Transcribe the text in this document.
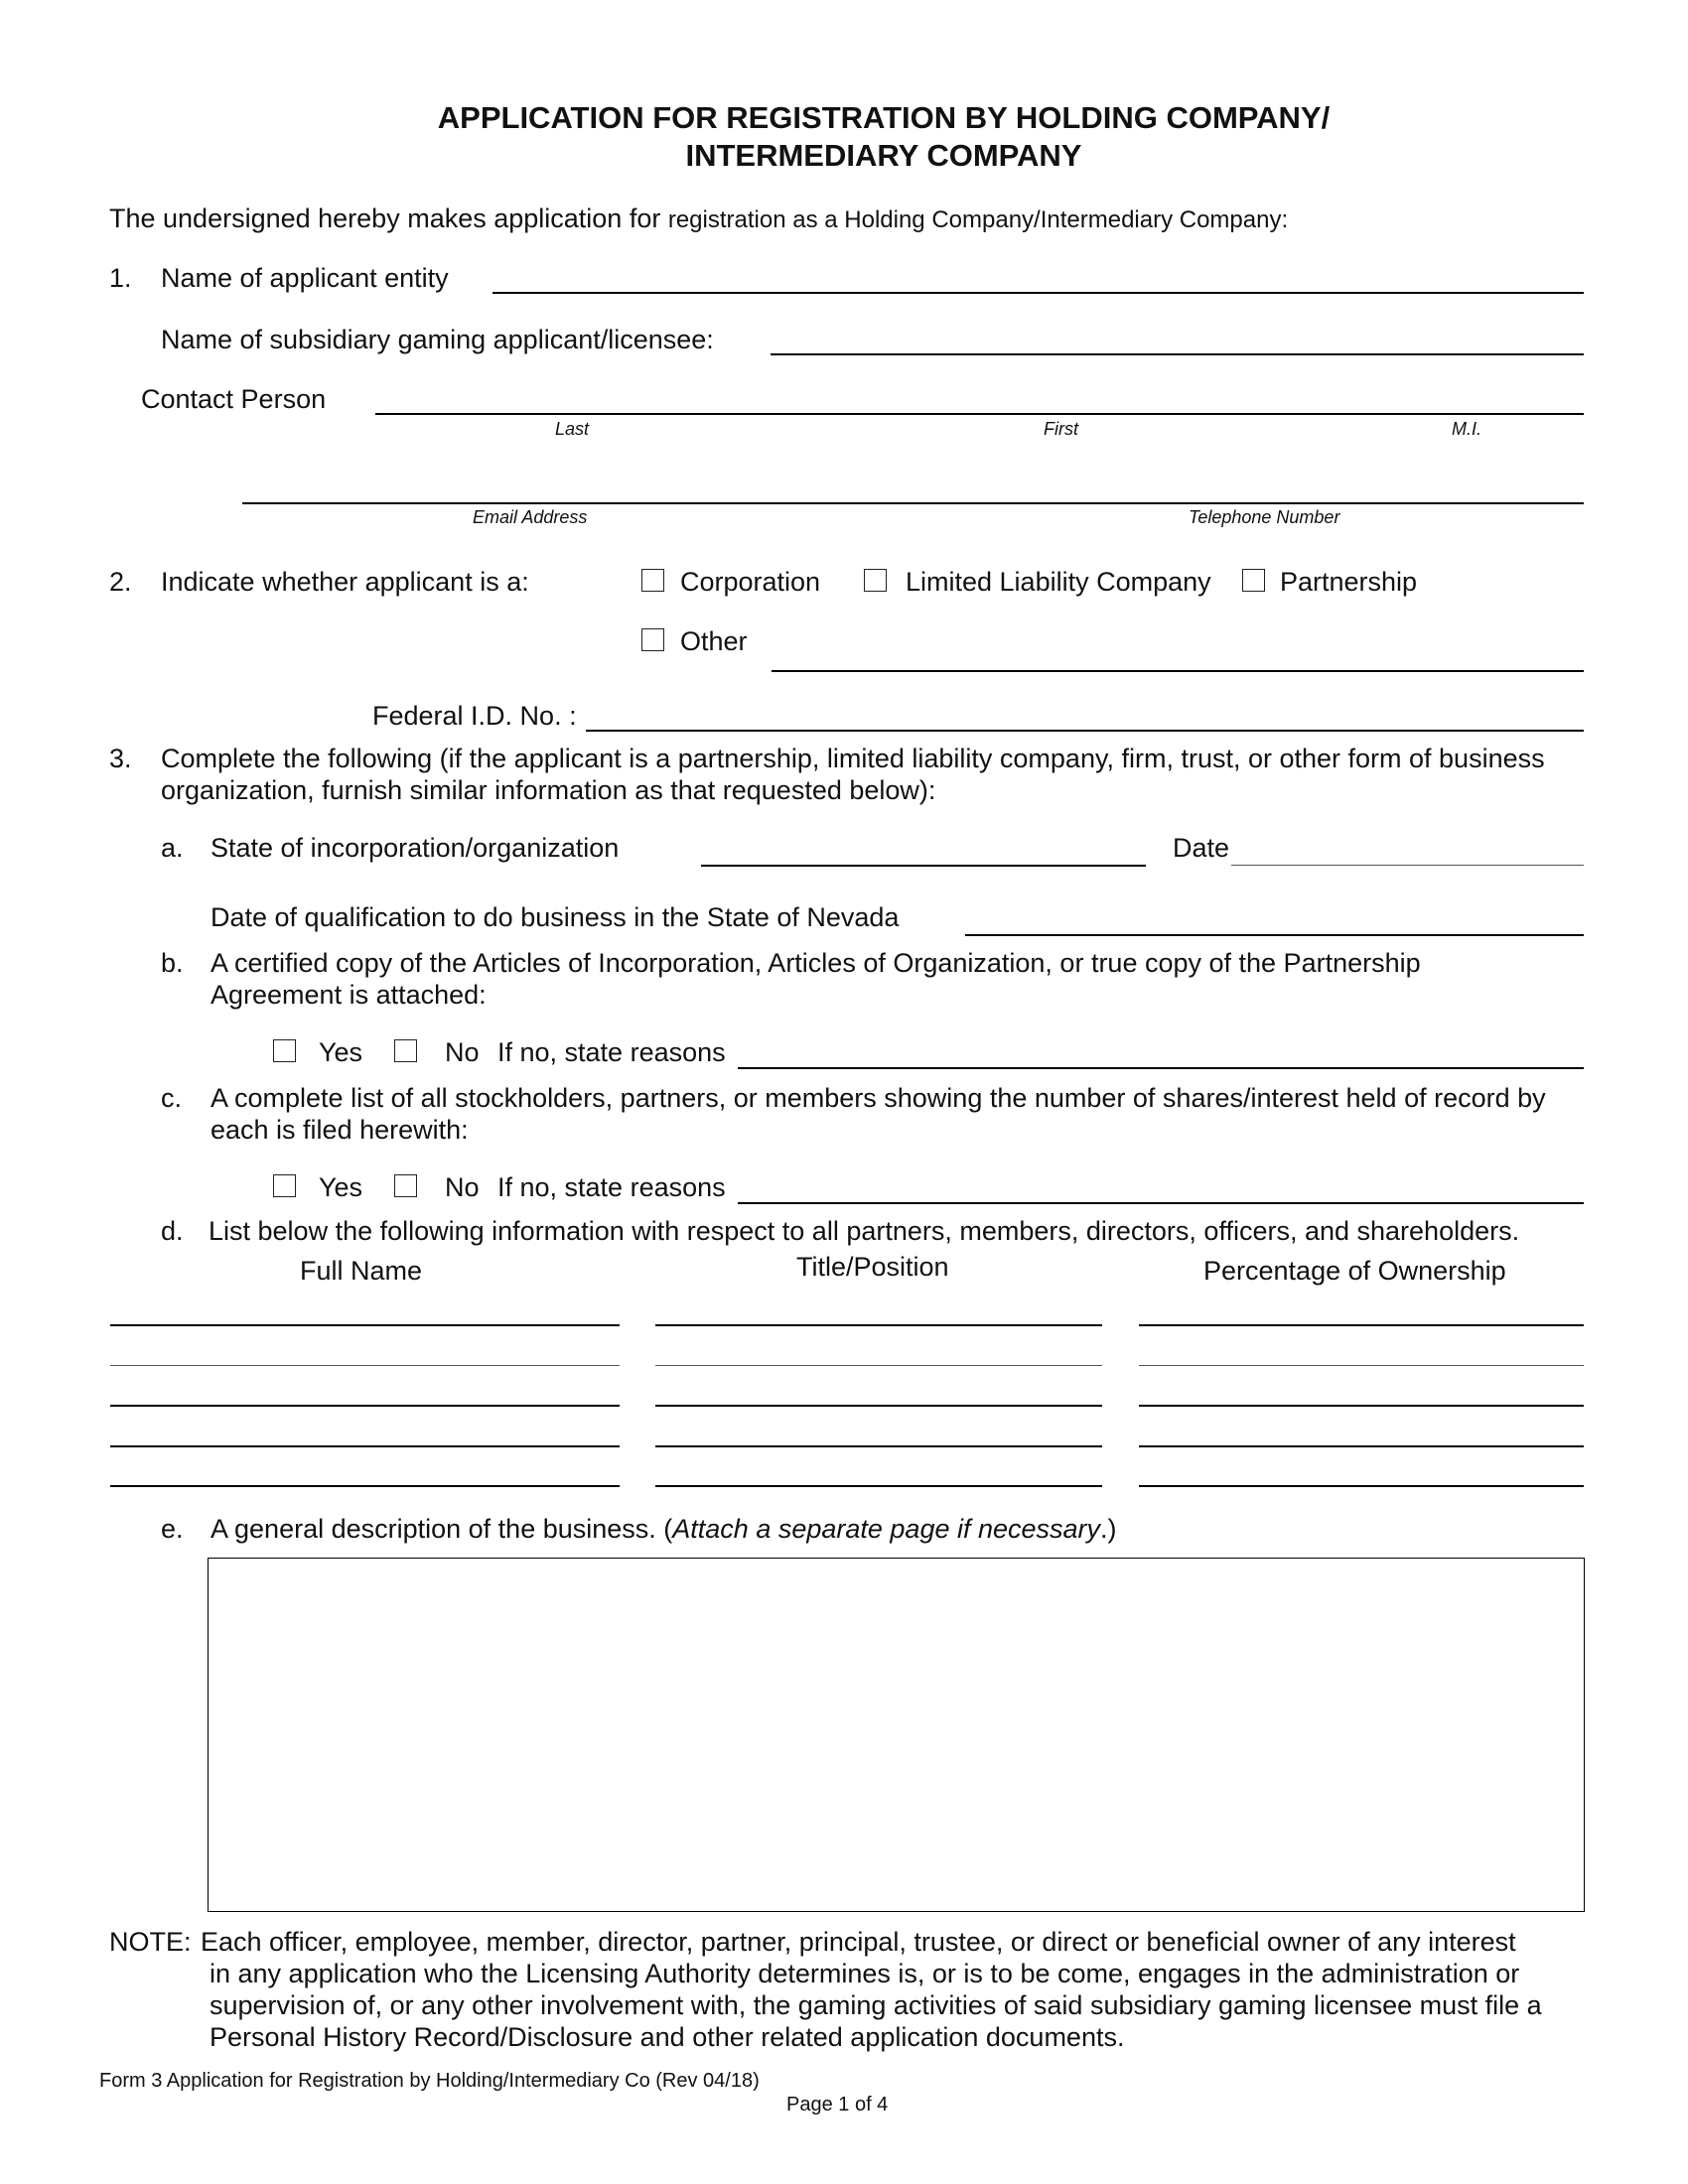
APPLICATION FOR REGISTRATION BY HOLDING COMPANY/
INTERMEDIARY COMPANY
The undersigned hereby makes application for registration as a Holding Company/Intermediary Company:
1. Name of applicant entity
Name of subsidiary gaming applicant/licensee:
Contact Person
Last	First	M.I.
Email Address	Telephone Number
2. Indicate whether applicant is a:	Corporation	Limited Liability Company	Partnership
Other
Federal I.D. No. :
3. Complete the following (if the applicant is a partnership, limited liability company, firm, trust, or other form of business
organization, furnish similar information as that requested below):
a. State of incorporation/organization	Date
Date of qualification to do business in the State of Nevada
b. A certified copy of the Articles of Incorporation, Articles of Organization, or true copy of the Partnership
Agreement is attached:
Yes	No If no, state reasons
c. A complete list of all stockholders, partners, or members showing the number of shares/interest held of record by
each is filed herewith:
Yes	No If no, state reasons
d. List below the following information with respect to all partners, members, directors, officers, and shareholders.
Full Name	Title/Position	Percentage of Ownership
e. A general description of the business. (Attach a separate page if necessary.)
NOTE: Each officer, employee, member, director, partner, principal, trustee, or direct or beneficial owner of any interest
in any application who the Licensing Authority determines is, or is to be come, engages in the administration or
supervision of, or any other involvement with, the gaming activities of said subsidiary gaming licensee must file a
Personal History Record/Disclosure and other related application documents.
Form 3 Application for Registration by Holding/Intermediary Co (Rev 04/18)
Page 1 of 4
